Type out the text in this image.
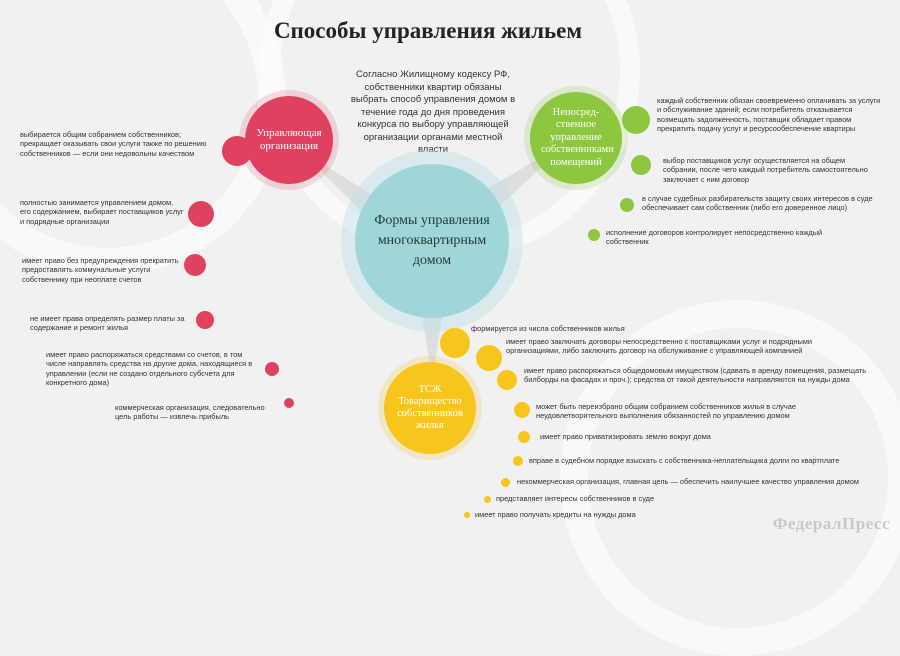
Способы управления жильем
Согласно Жилищному кодексу РФ, собственники квартир обязаны выбрать способ управления домом в течение года до дня проведения конкурса по выбору управляющей организации органами местной власти
Формы управления многоквартирным домом
Управляющая организация
Непосред-ственное управление собственниками помещений
ТСЖ Товарищество собственников жилья
выбирается общим собранием собственников; прекращает оказывать свои услуги также по решению собственников — если они недовольны качеством
полностью занимается управлением домом, его содержанием, выбирает поставщиков услуг и подрядные организации
имеет право без предупреждения прекратить предоставлять коммунальные услуги собственнику при неоплате счетов
не имеет права определять размер платы за содержание и ремонт жилья
имеет право распоряжаться средствами со счетов, в том числе направлять средства на другие дома, находящиеся в управлении (если не создано отдельного субсчета для конкретного дома)
коммерческая организация, следовательно цель работы — извлечь прибыль
каждый собственник обязан своевременно оплачивать за услуги и обслуживание зданий; если потребитель отказывается возмещать задолженность, поставщик обладает правом прекратить подачу услуг и ресурсообеспечение квартиры
выбор поставщиков услуг осуществляется на общем собрании, после чего каждый потребитель самостоятельно заключает с ним договор
в случае судебных разбирательств защиту своих интересов в суде обеспечивает сам собственник (либо его доверенное лицо)
исполнение договоров контролирует непосредственно каждый собственник
формируется из числа собственников жилья
имеет право заключать договоры непосредственно с поставщиками услуг и подрядными организациями, либо заключить договор на обслуживание с управляющей компанией
имеет право распоряжаться общедомовым имуществом (сдавать в аренду помещения, размещать билборды на фасадах и проч.); средства от такой деятельности направляются на нужды дома
может быть переизбрано общим собранием собственников жилья в случае неудовлетворительного выполнения обязанностей по управлению домом
имеет право приватизировать землю вокруг дома
вправе в судебном порядке взыскать с собственника-неплательщика долги по квартплате
некоммерческая организация, главная цель — обеспечить наилучшее качество управления домом
представляет интересы собственников в суде
имеет право получать кредиты на нужды дома	ФедералПресс
